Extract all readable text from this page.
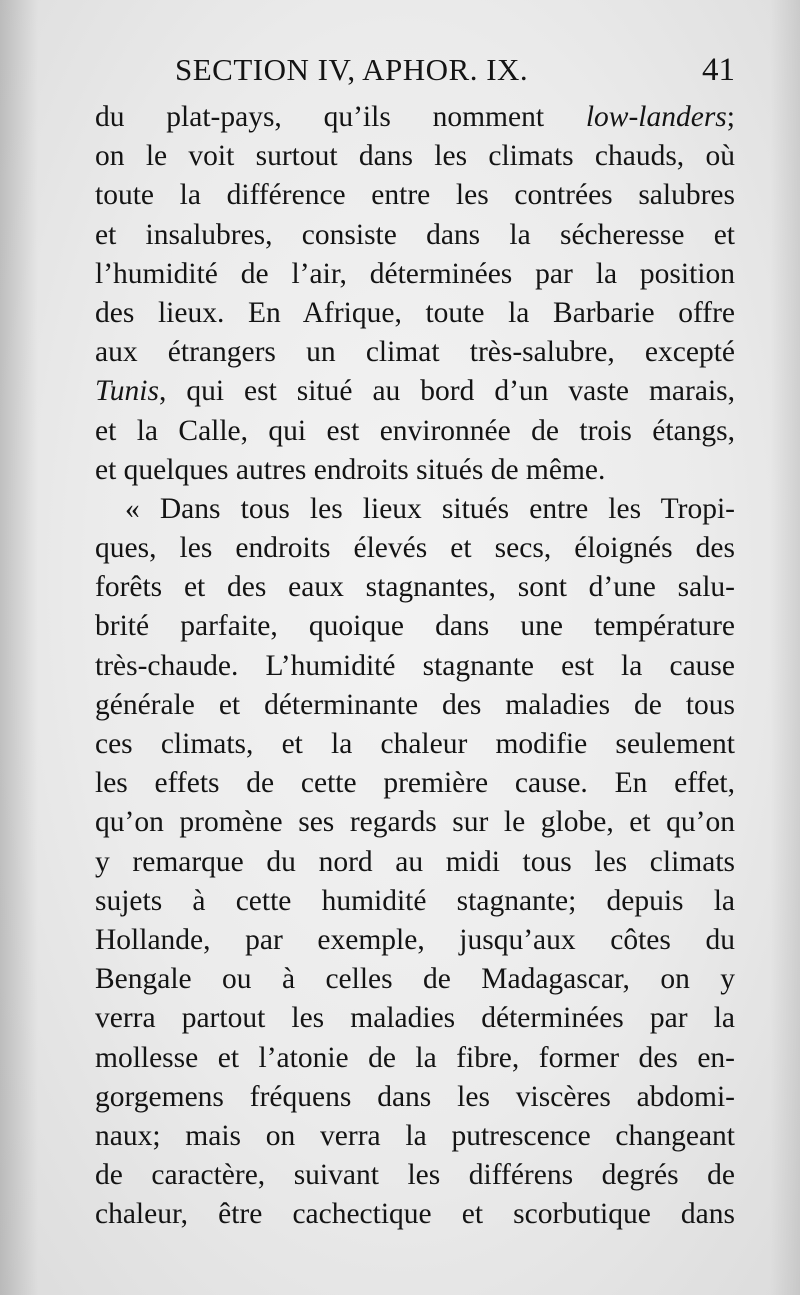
SECTION IV, APHOR. IX.	41
du plat-pays, qu’ils nomment low-landers;
on le voit surtout dans les climats chauds, où
toute la différence entre les contrées salubres
et insalubres, consiste dans la sécheresse et
l’humidité de l’air, déterminées par la position
des lieux. En Afrique, toute la Barbarie offre
aux étrangers un climat très-salubre, excepté
Tunis, qui est situé au bord d’un vaste marais,
et la Calle, qui est environnée de trois étangs,
et quelques autres endroits situés de même.
« Dans tous les lieux situés entre les Tropi-
ques, les endroits élevés et secs, éloignés des
forêts et des eaux stagnantes, sont d’une salu-
brité parfaite, quoique dans une température
très-chaude. L’humidité stagnante est la cause
générale et déterminante des maladies de tous
ces climats, et la chaleur modifie seulement
les effets de cette première cause. En effet,
qu’on promène ses regards sur le globe, et qu’on
y remarque du nord au midi tous les climats
sujets à cette humidité stagnante; depuis la
Hollande, par exemple, jusqu’aux côtes du
Bengale ou à celles de Madagascar, on y
verra partout les maladies déterminées par la
mollesse et l’atonie de la fibre, former des en-
gorgemens fréquens dans les viscères abdomi-
naux; mais on verra la putrescence changeant
de caractère, suivant les différens degrés de
chaleur, être cachectique et scorbutique dans
